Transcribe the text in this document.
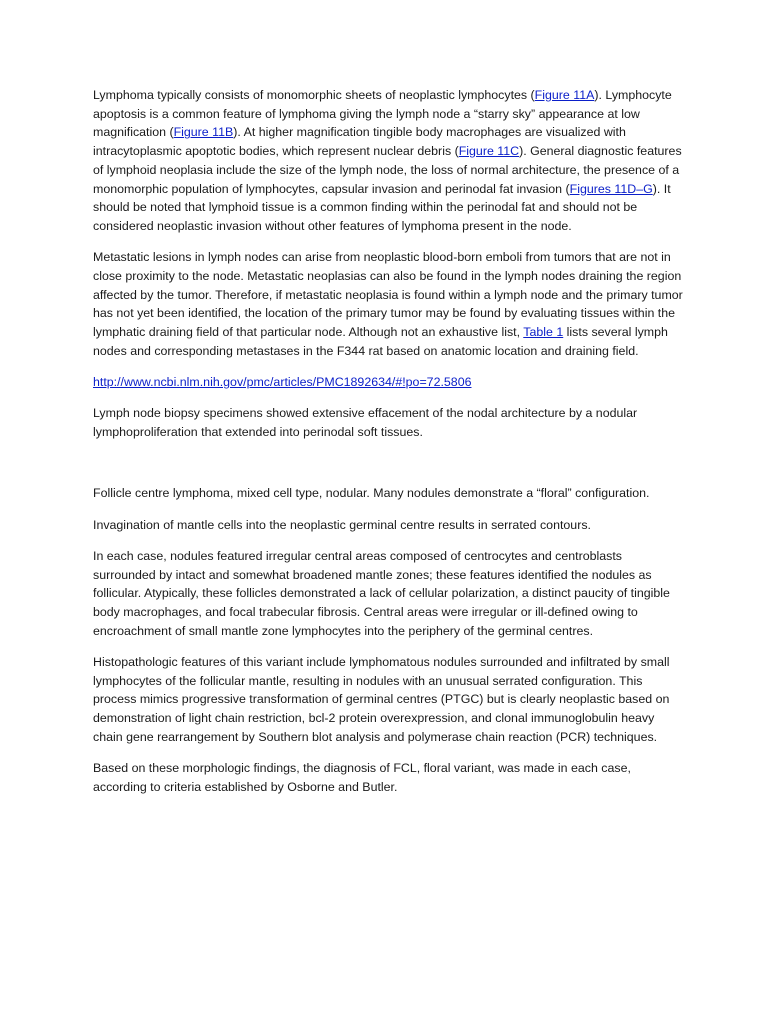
Lymphoma typically consists of monomorphic sheets of neoplastic lymphocytes (Figure 11A). Lymphocyte apoptosis is a common feature of lymphoma giving the lymph node a “starry sky” appearance at low magnification (Figure 11B). At higher magnification tingible body macrophages are visualized with intracytoplasmic apoptotic bodies, which represent nuclear debris (Figure 11C). General diagnostic features of lymphoid neoplasia include the size of the lymph node, the loss of normal architecture, the presence of a monomorphic population of lymphocytes, capsular invasion and perinodal fat invasion (Figures 11D–G). It should be noted that lymphoid tissue is a common finding within the perinodal fat and should not be considered neoplastic invasion without other features of lymphoma present in the node.

Metastatic lesions in lymph nodes can arise from neoplastic blood-born emboli from tumors that are not in close proximity to the node. Metastatic neoplasias can also be found in the lymph nodes draining the region affected by the tumor. Therefore, if metastatic neoplasia is found within a lymph node and the primary tumor has not yet been identified, the location of the primary tumor may be found by evaluating tissues within the lymphatic draining field of that particular node. Although not an exhaustive list, Table 1 lists several lymph nodes and corresponding metastases in the F344 rat based on anatomic location and draining field.

http://www.ncbi.nlm.nih.gov/pmc/articles/PMC1892634/#!po=72.5806

Lymph node biopsy specimens showed extensive effacement of the nodal architecture by a nodular lymphoproliferation that extended into perinodal soft tissues.

Follicle centre lymphoma, mixed cell type, nodular. Many nodules demonstrate a “floral” configuration.

Invagination of mantle cells into the neoplastic germinal centre results in serrated contours.

In each case, nodules featured irregular central areas composed of centrocytes and centroblasts surrounded by intact and somewhat broadened mantle zones; these features identified the nodules as follicular. Atypically, these follicles demonstrated a lack of cellular polarization, a distinct paucity of tingible body macrophages, and focal trabecular fibrosis. Central areas were irregular or ill-defined owing to encroachment of small mantle zone lymphocytes into the periphery of the germinal centres.

Histopathologic features of this variant include lymphomatous nodules surrounded and infiltrated by small lymphocytes of the follicular mantle, resulting in nodules with an unusual serrated configuration. This process mimics progressive transformation of germinal centres (PTGC) but is clearly neoplastic based on demonstration of light chain restriction, bcl-2 protein overexpression, and clonal immunoglobulin heavy chain gene rearrangement by Southern blot analysis and polymerase chain reaction (PCR) techniques.

Based on these morphologic findings, the diagnosis of FCL, floral variant, was made in each case, according to criteria established by Osborne and Butler.
